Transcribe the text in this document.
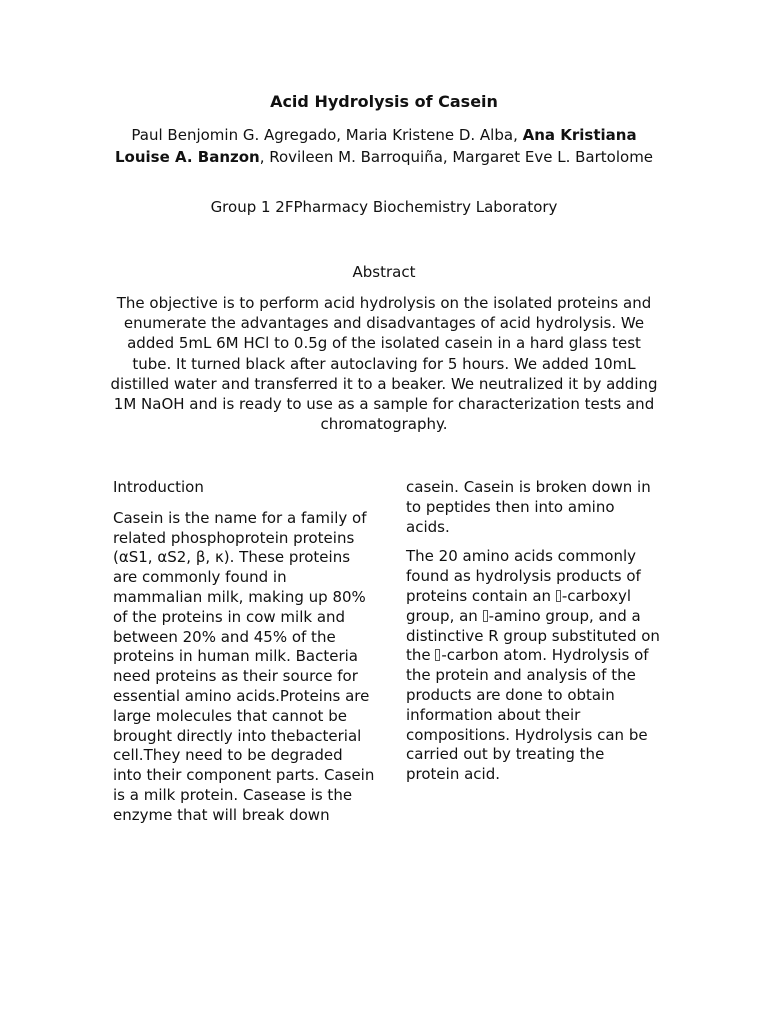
Acid Hydrolysis of Casein
Paul Benjomin G. Agregado, Maria Kristene D. Alba, Ana Kristiana Louise A. Banzon, Rovileen M. Barroquiña, Margaret Eve L. Bartolome
Group 1 2FPharmacy Biochemistry Laboratory
Abstract
The objective is to perform acid hydrolysis on the isolated proteins and enumerate the advantages and disadvantages of acid hydrolysis. We added 5mL 6M HCl to 0.5g of the isolated casein in a hard glass test tube. It turned black after autoclaving for 5 hours. We added 10mL distilled water and transferred it to a beaker. We neutralized it by adding 1M NaOH and is ready to use as a sample for characterization tests and chromatography.

Introduction

Casein is the name for a family of related phosphoprotein proteins (αS1, αS2, β, κ). These proteins are commonly found in mammalian milk, making up 80% of the proteins in cow milk and between 20% and 45% of the proteins in human milk. Bacteria need proteins as their source for essential amino acids.Proteins are large molecules that cannot be brought directly into thebacterial cell.They need to be degraded into their component parts. Casein is a milk protein. Casease is the enzyme that will break down

casein. Casein is broken down in to peptides then into amino acids.

The 20 amino acids commonly found as hydrolysis products of proteins contain an -carboxyl group, an -amino group, and a distinctive R group substituted on the -carbon atom. Hydrolysis of the protein and analysis of the products are done to obtain information about their compositions. Hydrolysis can be carried out by treating the protein acid.
